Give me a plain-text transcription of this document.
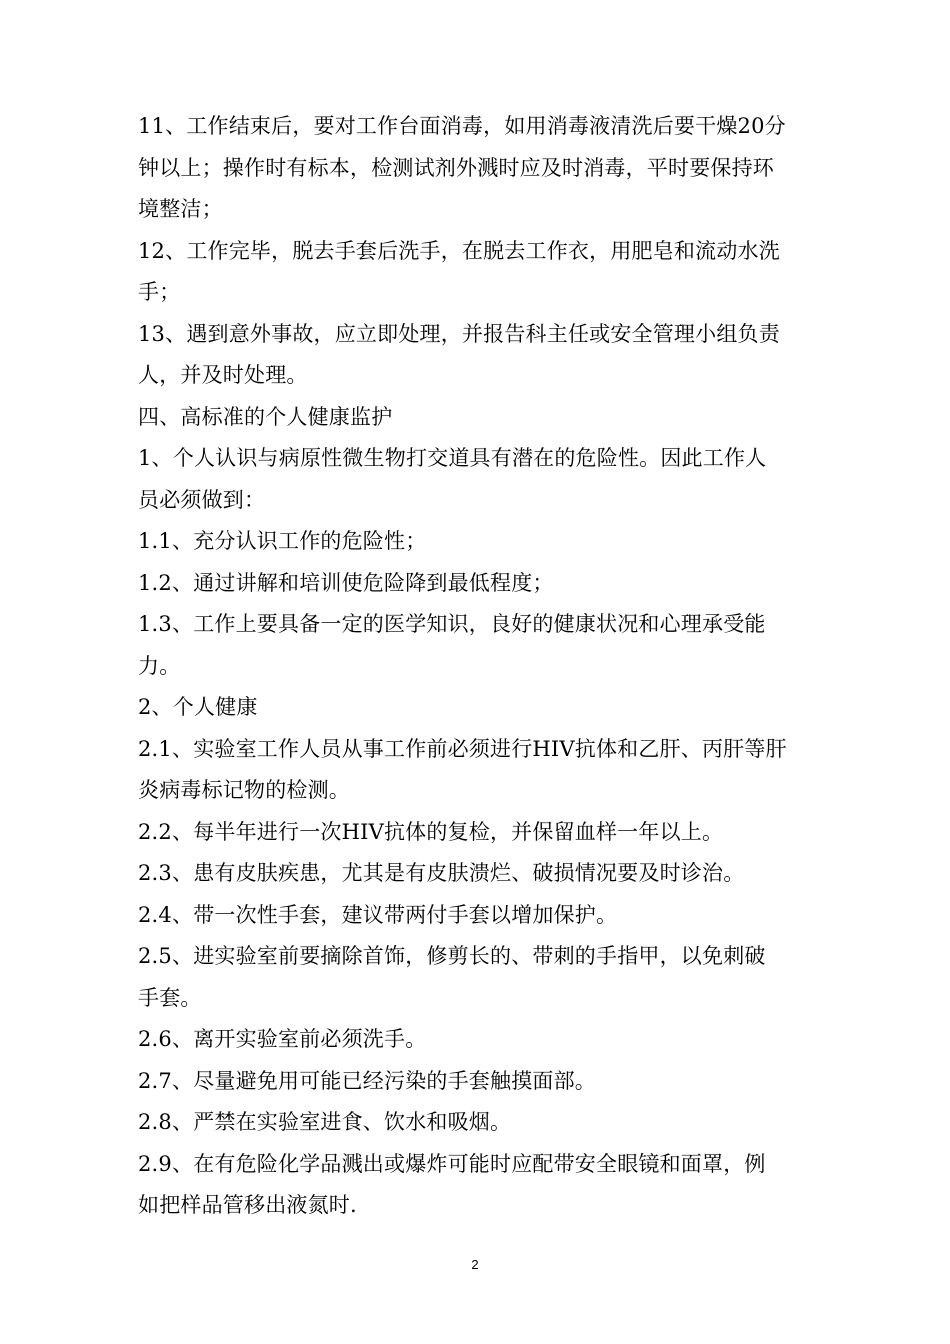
11、工作结束后，要对工作台面消毒，如用消毒液清洗后要干燥20分
钟以上；操作时有标本，检测试剂外溅时应及时消毒，平时要保持环
境整洁；
12、工作完毕，脱去手套后洗手，在脱去工作衣，用肥皂和流动水洗
手；
13、遇到意外事故，应立即处理，并报告科主任或安全管理小组负责
人，并及时处理。
四、高标准的个人健康监护
1、个人认识与病原性微生物打交道具有潜在的危险性。因此工作人
员必须做到：
1.1、充分认识工作的危险性；
1.2、通过讲解和培训使危险降到最低程度；
1.3、工作上要具备一定的医学知识，良好的健康状况和心理承受能
力。
2、个人健康
2.1、实验室工作人员从事工作前必须进行HIV抗体和乙肝、丙肝等肝
炎病毒标记物的检测。
2.2、每半年进行一次HIV抗体的复检，并保留血样一年以上。
2.3、患有皮肤疾患，尤其是有皮肤溃烂、破损情况要及时诊治。
2.4、带一次性手套，建议带两付手套以增加保护。
2.5、进实验室前要摘除首饰，修剪长的、带刺的手指甲，以免刺破
手套。
2.6、离开实验室前必须洗手。
2.7、尽量避免用可能已经污染的手套触摸面部。
2.8、严禁在实验室进食、饮水和吸烟。
2.9、在有危险化学品溅出或爆炸可能时应配带安全眼镜和面罩，例
如把样品管移出液氮时.
2
